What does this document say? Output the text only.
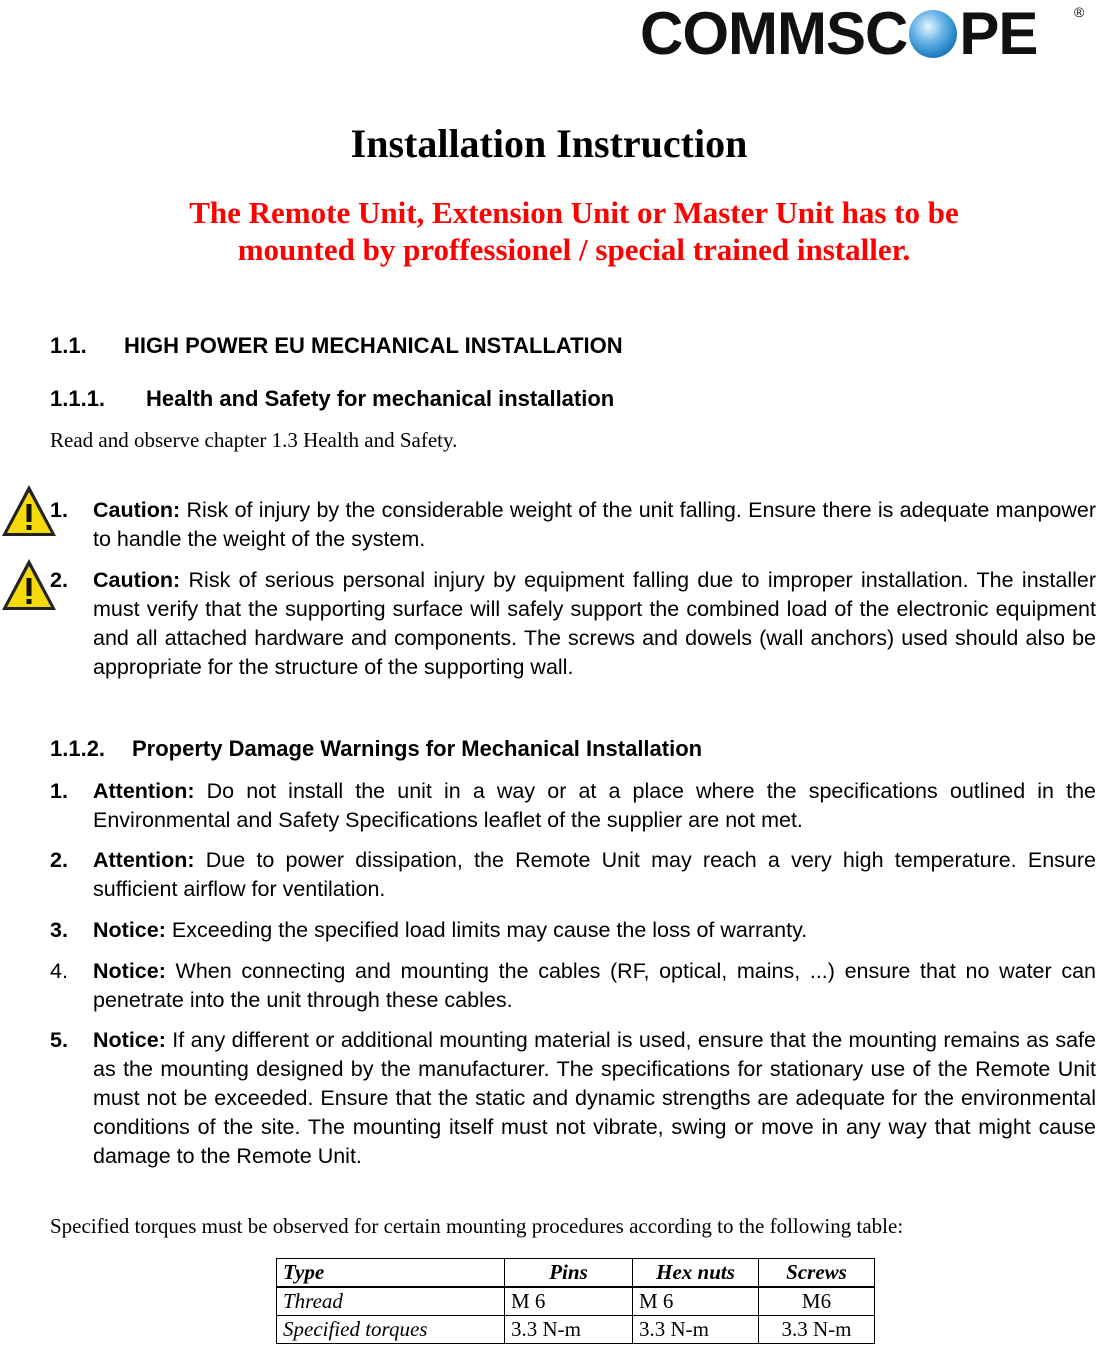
COMMSC PE	®
Installation Instruction
The Remote Unit, Extension Unit or Master Unit has to be
mounted by proffessionel / special trained installer.
1.1. HIGH POWER EU MECHANICAL INSTALLATION
1.1.1. Health and Safety for mechanical installation
Read and observe chapter 1.3 Health and Safety.
1. Caution: Risk of injury by the considerable weight of the unit falling. Ensure there is adequate manpower to handle the weight of the system.
2. Caution: Risk of serious personal injury by equipment falling due to improper installation. The installer must verify that the supporting surface will safely support the combined load of the electronic equipment and all attached hardware and components. The screws and dowels (wall anchors) used should also be appropriate for the structure of the supporting wall.
1.1.2. Property Damage Warnings for Mechanical Installation
1. Attention: Do not install the unit in a way or at a place where the specifications outlined in the Environmental and Safety Specifications leaflet of the supplier are not met.
2. Attention: Due to power dissipation, the Remote Unit may reach a very high temperature. Ensure sufficient airflow for ventilation.
3. Notice: Exceeding the specified load limits may cause the loss of warranty.
4. Notice: When connecting and mounting the cables (RF, optical, mains, ...) ensure that no water can penetrate into the unit through these cables.
5. Notice: If any different or additional mounting material is used, ensure that the mounting remains as safe as the mounting designed by the manufacturer. The specifications for stationary use of the Remote Unit must not be exceeded. Ensure that the static and dynamic strengths are adequate for the environmental conditions of the site. The mounting itself must not vibrate, swing or move in any way that might cause damage to the Remote Unit.
Specified torques must be observed for certain mounting procedures according to the following table:
Type	Pins	Hex nuts	Screws
Thread	M 6	M 6	M6
Specified torques	3.3 N-m	3.3 N-m	3.3 N-m
